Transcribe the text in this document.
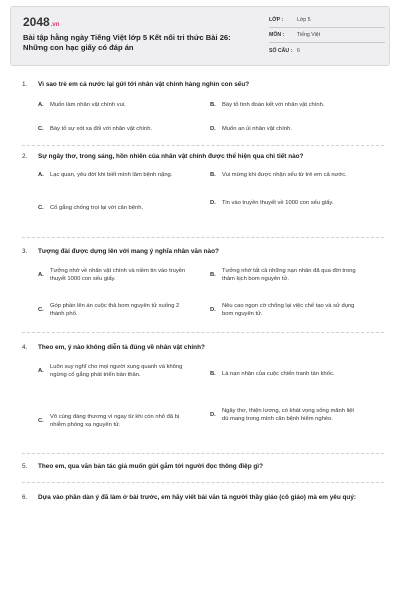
2048.vn
Bài tập hằng ngày Tiếng Việt lớp 5 Kết nối tri thức Bài 26: Những con hạc giấy có đáp án
LỚP :	Lớp 5
MÔN :	Tiếng Việt
SỐ CÂU : 6
1.	Vì sao trẻ em cả nước lại gửi tới nhân vật chính hàng nghìn con sếu?
A.	Muốn làm nhân vật chính vui.	B.	Bày tỏ tình đoàn kết với nhân vật chính.
C.	Bày tỏ sự xót xa đối với nhân vật chính.	D.	Muốn an ủi nhân vật chính.
2.	Sự ngây thơ, trong sáng, hồn nhiên của nhân vật chính được thể hiện qua chi tiết nào?
A.	Lạc quan, yêu đời khi biết mình lâm bệnh nặng.	B.	Vui mừng khi được nhận sếu từ trẻ em cả nước.
C.	Cố gắng chống trọi lại với căn bệnh.
D.	Tin vào truyền thuyết về 1000 con sếu giấy.
3.	Tượng đài được dựng lên với mang ý nghĩa nhân văn nào?
A.
Tưởng nhớ về nhân vật chính và niềm tin vào truyền thuyết 1000 con sếu giấy.
B.
Tưởng nhớ tất cả những nạn nhân đã qua đời trong thảm kịch bom nguyên tử.
C.
Góp phần lên án cuộc thả bom nguyên tử xuống 2 thành phố.
D.
Nêu cao ngọn cờ chống lại việc chế tạo và sử dụng bom nguyên tử.
4.	Theo em, ý nào không diễn tả đúng về nhân vật chính?
A.
Luôn suy nghĩ cho mọi người xung quanh và không ngừng cố gắng phát triển bản thân.	B.	Là nạn nhân của cuộc chiến tranh tàn khốc.
C.
Vô cùng đáng thương vì ngay từ khi còn nhỏ đã bị nhiễm phóng xạ nguyên tử.
D.
Ngây thơ, thiện lương, có khát vọng sống mãnh liệt dù mang trong mình căn bệnh hiểm nghèo.
5.	Theo em, qua văn bản tác giả muốn gửi gắm tới người đọc thông điệp gì?
6.	Dựa vào phần dàn ý đã làm ở bài trước, em hãy viết bài văn tả người thầy giáo (cô giáo) mà em yêu quý:
